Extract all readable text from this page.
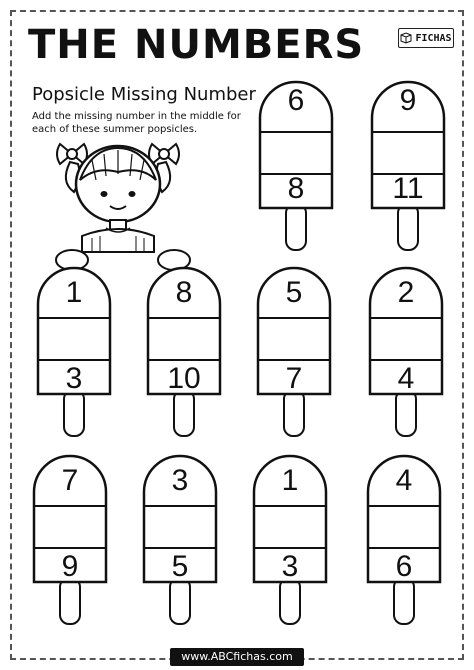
THE NUMBERS	FICHAS
Popsicle Missing Number
Add the missing number in the middle for each of these summer popsicles.
6
8
9
11
1
3
8
10
5
7
2
4
7
9
3
5
1
3
4
6
www.ABCfichas.com
